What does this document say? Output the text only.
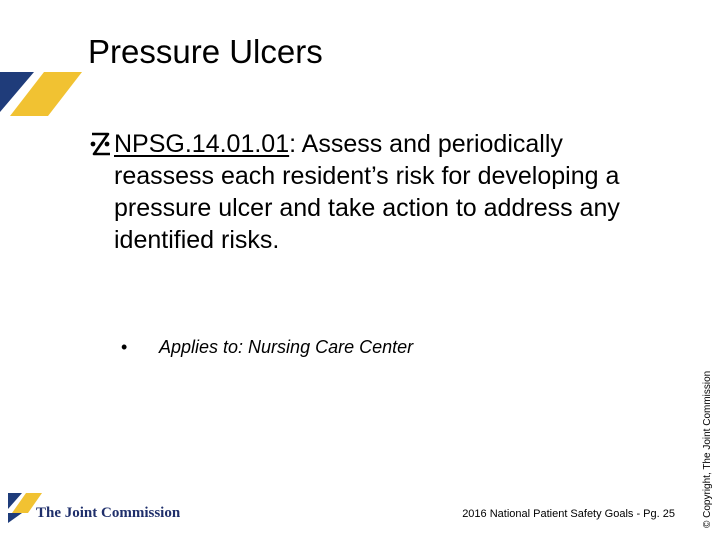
Pressure Ulcers

NPSG.14.01.01: Assess and periodically reassess each resident’s risk for developing a pressure ulcer and take action to address any identified risks.

• Applies to: Nursing Care Center
© Copyright, The Joint Commission
The Joint Commission	2016 National Patient Safety Goals - Pg. 25
